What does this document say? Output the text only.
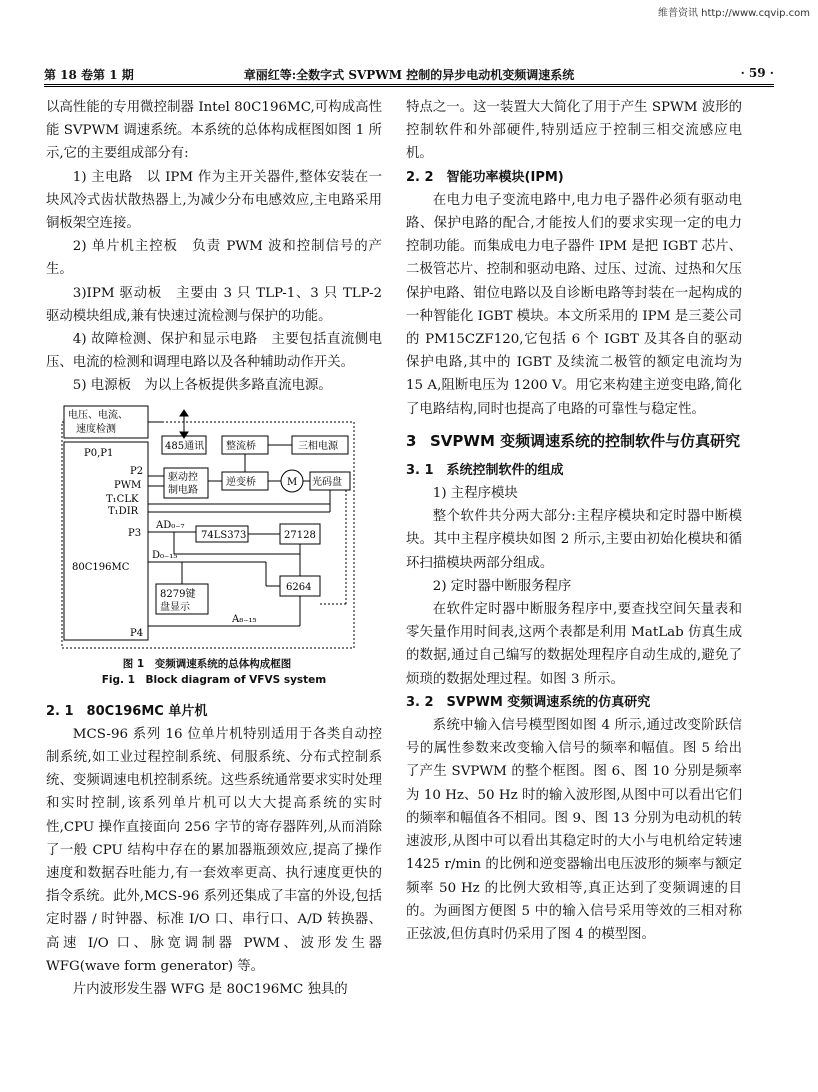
维普资讯 http://www.cqvip.com
第 18 卷第 1 期	章丽红等:全数字式 SVPWM 控制的异步电动机变频调速系统	· 59 ·

以高性能的专用微控制器 Intel 80C196MC,可构成高性能 SVPWM 调速系统。本系统的总体构成框图如图 1 所示,它的主要组成部分有:

1) 主电路　以 IPM 作为主开关器件,整体安装在一块风冷式齿状散热器上,为减少分布电感效应,主电路采用铜板架空连接。

2) 单片机主控板　负责 PWM 波和控制信号的产生。

3)IPM 驱动板　主要由 3 只 TLP-1、3 只 TLP-2驱动模块组成,兼有快速过流检测与保护的功能。

4) 故障检测、保护和显示电路　主要包括直流侧电压、电流的检测和调理电路以及各种辅助动作开关。

5) 电源板　为以上各板提供多路直流电源。

电压、电流、
速度检测
P0,P1
P2
PWM
T₁CLK
T₁DIR
P3
80C196MC
P4
485通讯 整流桥	三相电源
驱动控
制电路
逆变桥	M 光码盘
AD₀₋₇
74LS373	27128
D₀₋₁₅
6264
8279键
盘显示
A₈₋₁₅
图 1　变频调速系统的总体构成框图
Fig. 1　Block diagram of VFVS system
2. 1　80C196MC 单片机

MCS-96 系列 16 位单片机特别适用于各类自动控制系统,如工业过程控制系统、伺服系统、分布式控制系统、变频调速电机控制系统。这些系统通常要求实时处理和实时控制,该系列单片机可以大大提高系统的实时性,CPU 操作直接面向 256 字节的寄存器阵列,从而消除了一般 CPU 结构中存在的累加器瓶颈效应,提高了操作速度和数据吞吐能力,有一套效率更高、执行速度更快的指令系统。此外,MCS-96 系列还集成了丰富的外设,包括定时器 / 时钟器、标准 I/O 口、串行口、A/D 转换器、高速 I/O 口、脉宽调制器 PWM、波形发生器 WFG(wave form generator) 等。

片内波形发生器 WFG 是 80C196MC 独具的

特点之一。这一装置大大简化了用于产生 SPWM 波形的控制软件和外部硬件,特别适应于控制三相交流感应电机。

2. 2　智能功率模块(IPM)

在电力电子变流电路中,电力电子器件必须有驱动电路、保护电路的配合,才能按人们的要求实现一定的电力控制功能。而集成电力电子器件 IPM 是把 IGBT 芯片、二极管芯片、控制和驱动电路、过压、过流、过热和欠压保护电路、钳位电路以及自诊断电路等封装在一起构成的一种智能化 IGBT 模块。本文所采用的 IPM 是三菱公司的 PM15CZF120,它包括 6 个 IGBT 及其各自的驱动保护电路,其中的 IGBT 及续流二极管的额定电流均为 15 A,阻断电压为 1200 V。用它来构建主逆变电路,简化了电路结构,同时也提高了电路的可靠性与稳定性。

3 SVPWM 变频调速系统的控制软件与仿真研究
3. 1　系统控制软件的组成

1) 主程序模块

整个软件共分两大部分:主程序模块和定时器中断模块。其中主程序模块如图 2 所示,主要由初始化模块和循环扫描模块两部分组成。

2) 定时器中断服务程序

在软件定时器中断服务程序中,要查找空间矢量表和零矢量作用时间表,这两个表都是利用 MatLab 仿真生成的数据,通过自己编写的数据处理程序自动生成的,避免了烦琐的数据处理过程。如图 3 所示。

3. 2　SVPWM 变频调速系统的仿真研究

系统中输入信号模型图如图 4 所示,通过改变阶跃信号的属性参数来改变输入信号的频率和幅值。图 5 给出了产生 SVPWM 的整个框图。图 6、图 10 分别是频率为 10 Hz、50 Hz 时的输入波形图,从图中可以看出它们的频率和幅值各不相同。图 9、图 13 分别为电动机的转速波形,从图中可以看出其稳定时的大小与电机给定转速 1425 r/min 的比例和逆变器输出电压波形的频率与额定频率 50 Hz 的比例大致相等,真正达到了变频调速的目的。为画图方便图 5 中的输入信号采用等效的三相对称正弦波,但仿真时仍采用了图 4 的模型图。
